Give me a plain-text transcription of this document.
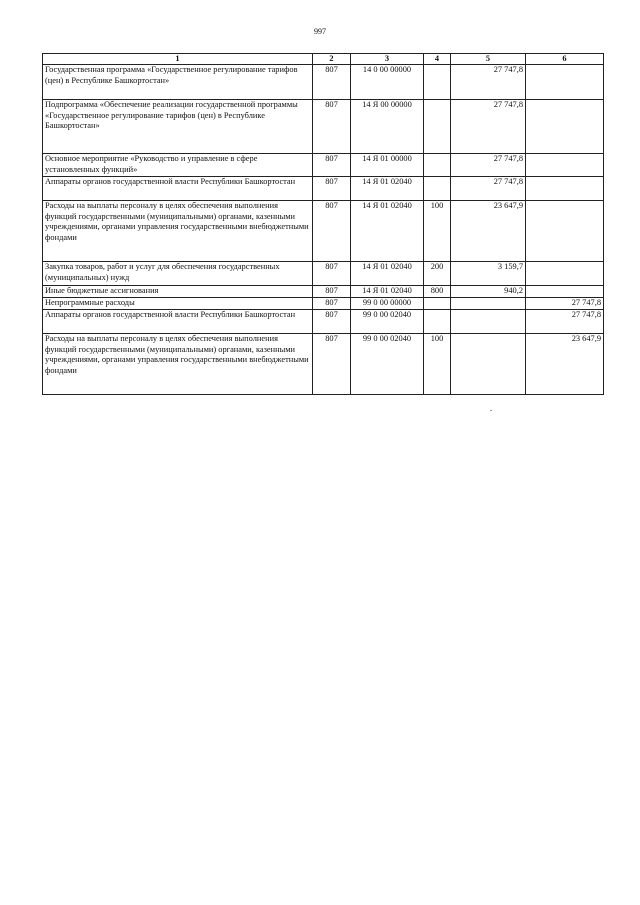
997
1	2	3	4	5	6
Государственная программа «Государственное регулирование тарифов (цен) в Республике Башкортостан»	807	14 0 00 00000		27 747,8	
Подпрограмма «Обеспечение реализации государственной программы «Государственное регулирование тарифов (цен) в Республике Башкортостан»	807	14 Я 00 00000		27 747,8	
Основное мероприятие «Руководство и управление в сфере установленных функций»	807	14 Я 01 00000		27 747,8	
Аппараты органов государственной власти Республики Башкортостан	807	14 Я 01 02040		27 747,8	
Расходы на выплаты персоналу в целях обеспечения выполнения функций государственными (муниципальными) органами, казенными учреждениями, органами управления государственными внебюджетными фондами	807	14 Я 01 02040	100	23 647,9	
Закупка товаров, работ и услуг для обеспечения государственных (муниципальных) нужд	807	14 Я 01 02040	200	3 159,7	
Иные бюджетные ассигнования	807	14 Я 01 02040	800	940,2	
Непрограммные расходы	807	99 0 00 00000			27 747,8
Аппараты органов государственной власти Республики Башкортостан	807	99 0 00 02040			27 747,8
Расходы на выплаты персоналу в целях обеспечения выполнения функций государственными (муниципальными) органами, казенными учреждениями, органами управления государственными внебюджетными фондами	807	99 0 00 02040	100		23 647,9
